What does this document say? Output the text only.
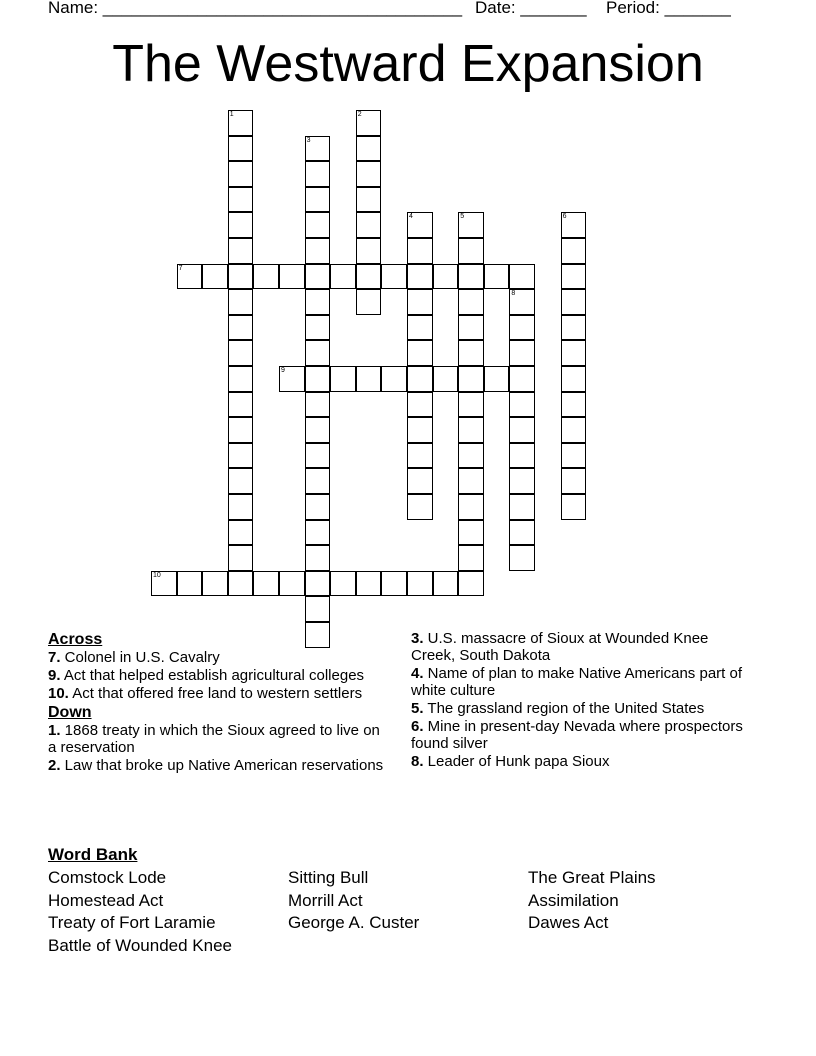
Name: ______________________________________ Date: _______ Period: _______
The Westward Expansion
1	2
3
4	5	6
7
8
9
10
Across
7. Colonel in U.S. Cavalry
9. Act that helped establish agricultural colleges
10. Act that offered free land to western settlers
Down
1. 1868 treaty in which the Sioux agreed to live on a reservation
2. Law that broke up Native American reservations
3. U.S. massacre of Sioux at Wounded Knee Creek, South Dakota
4. Name of plan to make Native Americans part of white culture
5. The grassland region of the United States
6. Mine in present-day Nevada where prospectors found silver
8. Leader of Hunk papa Sioux
Word Bank
Comstock Lode
Homestead Act
Treaty of Fort Laramie
Battle of Wounded Knee
Sitting Bull
Morrill Act
George A. Custer
The Great Plains
Assimilation
Dawes Act
